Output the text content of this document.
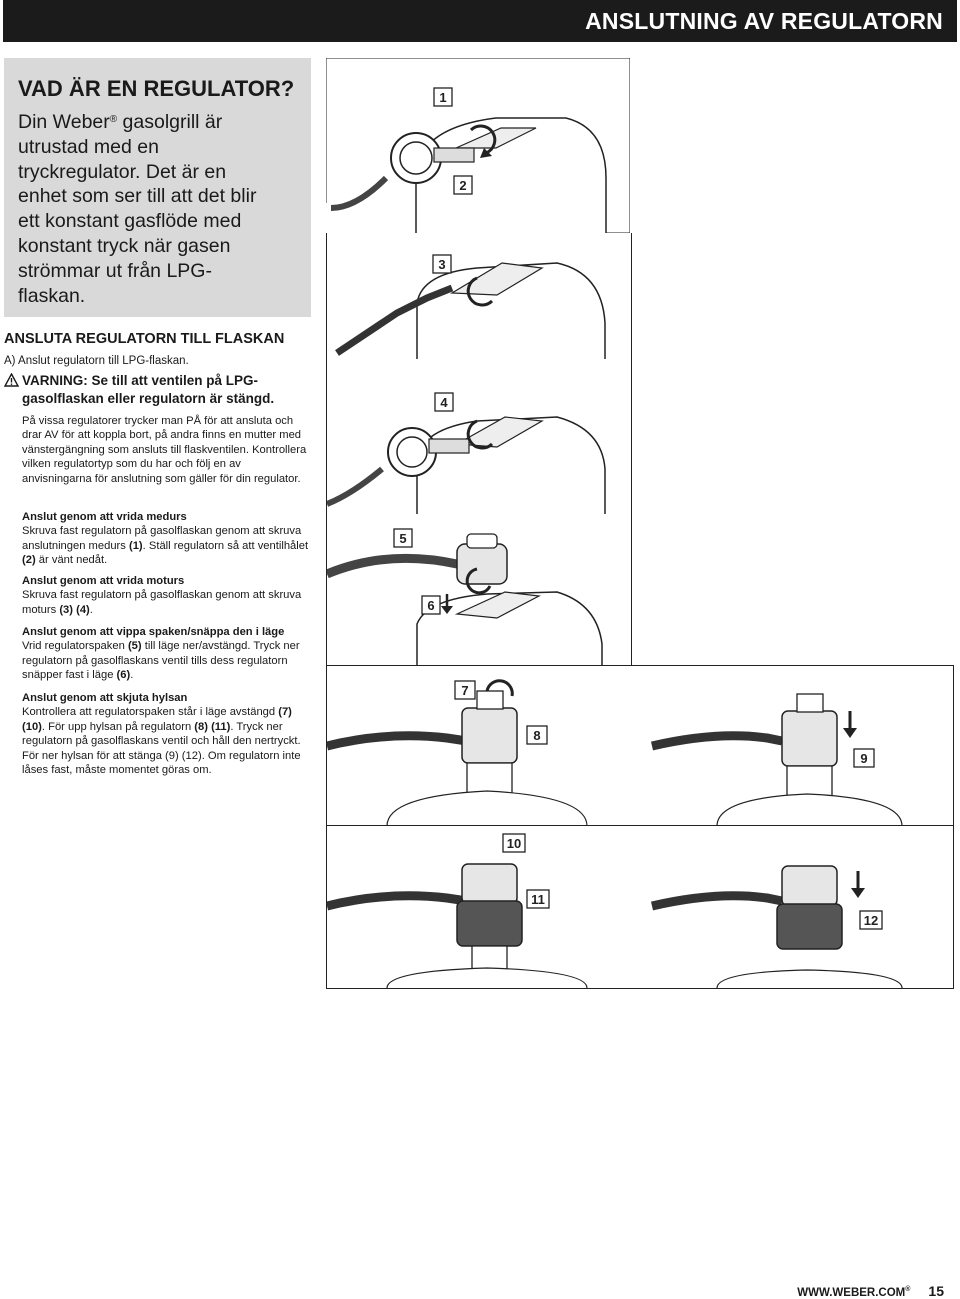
ANSLUTNING AV REGULATORN
VAD ÄR EN REGULATOR?
Din Weber® gasolgrill är utrustad med en tryckregulator. Det är en enhet som ser till att det blir ett konstant gasflöde med konstant tryck när gasen strömmar ut från LPG-flaskan.
ANSLUTA REGULATORN TILL FLASKAN
A) Anslut regulatorn till LPG-flaskan.
VARNING: Se till att ventilen på LPG-
gasolflaskan eller regulatorn är stängd.
På vissa regulatorer trycker man PÅ för att ansluta och drar AV för att koppla bort, på andra finns en mutter med vänstergängning som ansluts till flaskventilen. Kontrollera vilken regulatortyp som du har och följ en av anvisningarna för anslutning som gäller för din regulator.
Anslut genom att vrida medurs
Skruva fast regulatorn på gasolflaskan genom att skruva anslutningen medurs (1). Ställ regulatorn så att ventilhålet (2) är vänt nedåt.
Anslut genom att vrida moturs
Skruva fast regulatorn på gasolflaskan genom att skruva moturs (3) (4).
Anslut genom att vippa spaken/snäppa den i läge
Vrid regulatorspaken (5) till läge ner/avstängd. Tryck ner regulatorn på gasolflaskans ventil tills dess regulatorn snäpper fast i läge (6).
Anslut genom att skjuta hylsan
Kontrollera att regulatorspaken står i läge avstängd (7) (10). För upp hylsan på regulatorn (8) (11). Tryck ner regulatorn på gasolflaskans ventil och håll den nertryckt. För ner hylsan för att stänga (9) (12). Om regulatorn inte låses fast, måste momentet göras om.
1
2
3
4
5
6
7
8
9
10
11
12
WWW.WEBER.COM® 15
